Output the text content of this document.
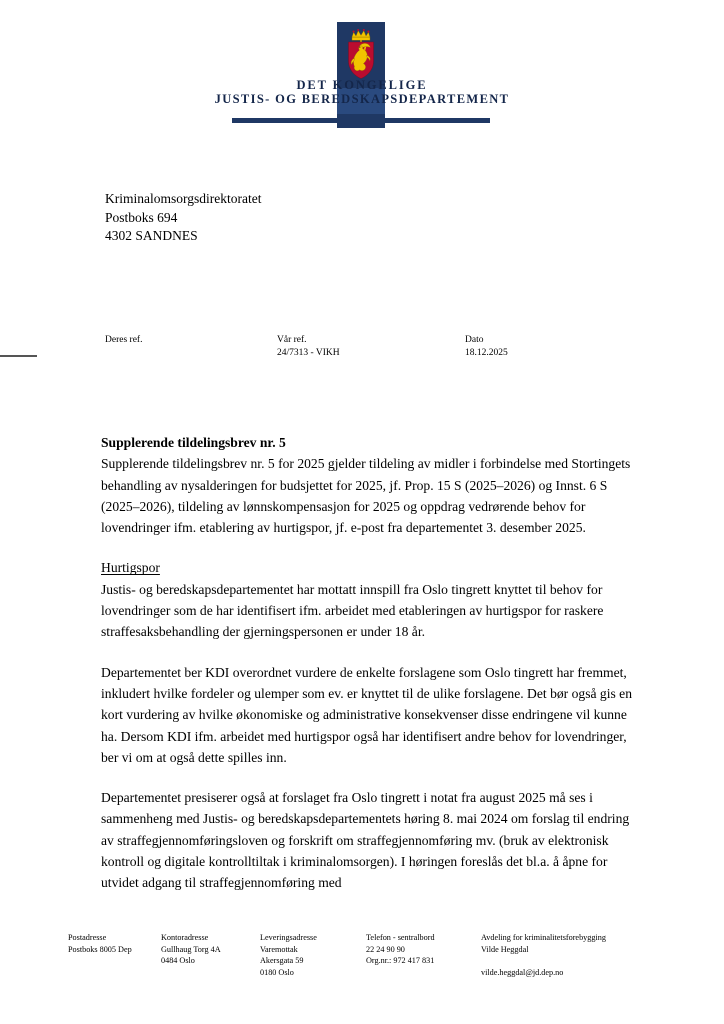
DET KONGELIGE
JUSTIS- OG BEREDSKAPSDEPARTEMENT
Kriminalomsorgsdirektoratet
Postboks 694
4302 SANDNES
Deres ref.	Vår ref.
24/7313 - VIKH
Dato
18.12.2025

Supplerende tildelingsbrev nr. 5

Supplerende tildelingsbrev nr. 5 for 2025 gjelder tildeling av midler i forbindelse med Stortingets behandling av nysalderingen for budsjettet for 2025, jf. Prop. 15 S (2025–2026) og Innst. 6 S (2025–2026), tildeling av lønnskompensasjon for 2025 og oppdrag vedrørende behov for lovendringer ifm. etablering av hurtigspor, jf. e-post fra departementet 3. desember 2025.

Hurtigspor

Justis- og beredskapsdepartementet har mottatt innspill fra Oslo tingrett knyttet til behov for lovendringer som de har identifisert ifm. arbeidet med etableringen av hurtigspor for raskere straffesaksbehandling der gjerningspersonen er under 18 år.

Departementet ber KDI overordnet vurdere de enkelte forslagene som Oslo tingrett har fremmet, inkludert hvilke fordeler og ulemper som ev. er knyttet til de ulike forslagene. Det bør også gis en kort vurdering av hvilke økonomiske og administrative konsekvenser disse endringene vil kunne ha. Dersom KDI ifm. arbeidet med hurtigspor også har identifisert andre behov for lovendringer, ber vi om at også dette spilles inn.

Departementet presiserer også at forslaget fra Oslo tingrett i notat fra august 2025 må ses i sammenheng med Justis- og beredskapsdepartementets høring 8. mai 2024 om forslag til endring av straffegjennomføringsloven og forskrift om straffegjennomføring mv. (bruk av elektronisk kontroll og digitale kontrolltiltak i kriminalomsorgen). I høringen foreslås det bl.a. å åpne for utvidet adgang til straffegjennomføring med

Postadresse
Postboks 8005 Dep
Kontoradresse
Gullhaug Torg 4A
0484 Oslo
Leveringsadresse
Varemottak
Akersgata 59
0180 Oslo
Telefon - sentralbord
22 24 90 90
Org.nr.: 972 417 831
Avdeling for kriminalitetsforebygging
Vilde Heggdal
vilde.heggdal@jd.dep.no
